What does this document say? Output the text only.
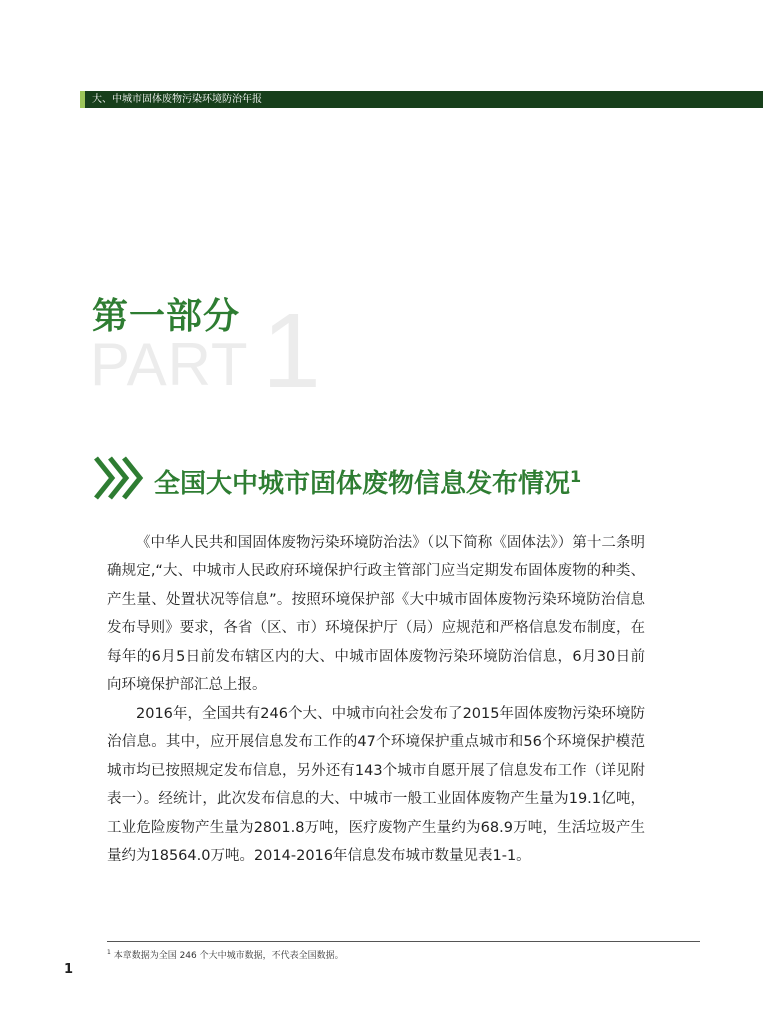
大、中城市固体废物污染环境防治年报
PART 1
第一部分
全国大中城市固体废物信息发布情况$^1$

《中华人民共和国固体废物污染环境防治法》（以下简称《固体法》）第十二条明确规定,“大、中城市人民政府环境保护行政主管部门应当定期发布固体废物的种类、产生量、处置状况等信息”。按照环境保护部《大中城市固体废物污染环境防治信息发布导则》要求，各省（区、市）环境保护厅（局）应规范和严格信息发布制度，在每年的6月5日前发布辖区内的大、中城市固体废物污染环境防治信息，6月30日前向环境保护部汇总上报。

2016年，全国共有246个大、中城市向社会发布了2015年固体废物污染环境防治信息。其中，应开展信息发布工作的47个环境保护重点城市和56个环境保护模范城市均已按照规定发布信息，另外还有143个城市自愿开展了信息发布工作（详见附表一）。经统计，此次发布信息的大、中城市一般工业固体废物产生量为19.1亿吨，工业危险废物产生量为2801.8万吨，医疗废物产生量约为68.9万吨，生活垃圾产生量约为18564.0万吨。2014-2016年信息发布城市数量见表1-1。

$^1$ 本章数据为全国 246 个大中城市数据，不代表全国数据。
1
